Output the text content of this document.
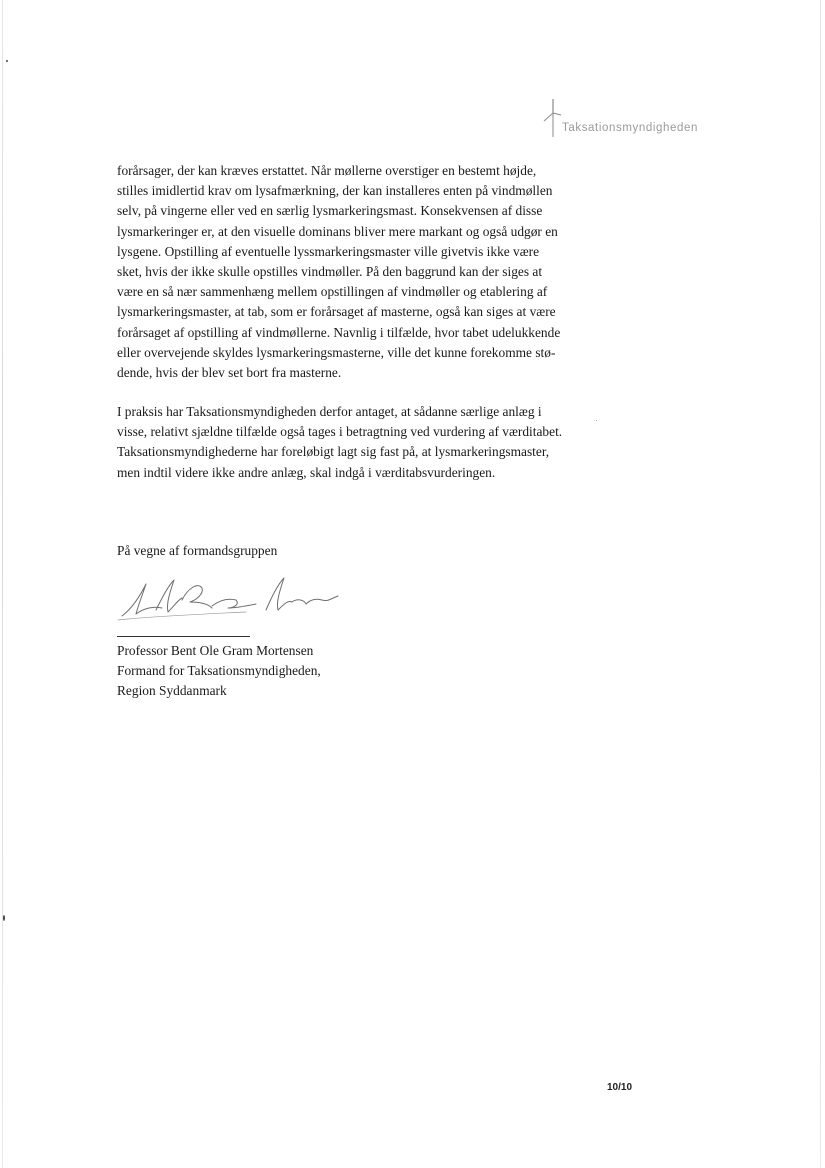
Taksationsmyndigheden

forårsager, der kan kræves erstattet. Når møllerne overstiger en bestemt højde,
stilles imidlertid krav om lysafmærkning, der kan installeres enten på vindmøllen
selv, på vingerne eller ved en særlig lysmarkeringsmast. Konsekvensen af disse
lysmarkeringer er, at den visuelle dominans bliver mere markant og også udgør en
lysgene. Opstilling af eventuelle lyssmarkeringsmaster ville givetvis ikke være
sket, hvis der ikke skulle opstilles vindmøller. På den baggrund kan der siges at
være en så nær sammenhæng mellem opstillingen af vindmøller og etablering af
lysmarkeringsmaster, at tab, som er forårsaget af masterne, også kan siges at være
forårsaget af opstilling af vindmøllerne. Navnlig i tilfælde, hvor tabet udelukkende
eller overvejende skyldes lysmarkeringsmasterne, ville det kunne forekomme stø-
dende, hvis der blev set bort fra masterne.

I praksis har Taksationsmyndigheden derfor antaget, at sådanne særlige anlæg i
visse, relativt sjældne tilfælde også tages i betragtning ved vurdering af værditabet.
Taksationsmyndighederne har foreløbigt lagt sig fast på, at lysmarkeringsmaster,
men indtil videre ikke andre anlæg, skal indgå i værditabsvurderingen.

På vegne af formandsgruppen

Professor Bent Ole Gram Mortensen
Formand for Taksationsmyndigheden,
Region Syddanmark

10/10
